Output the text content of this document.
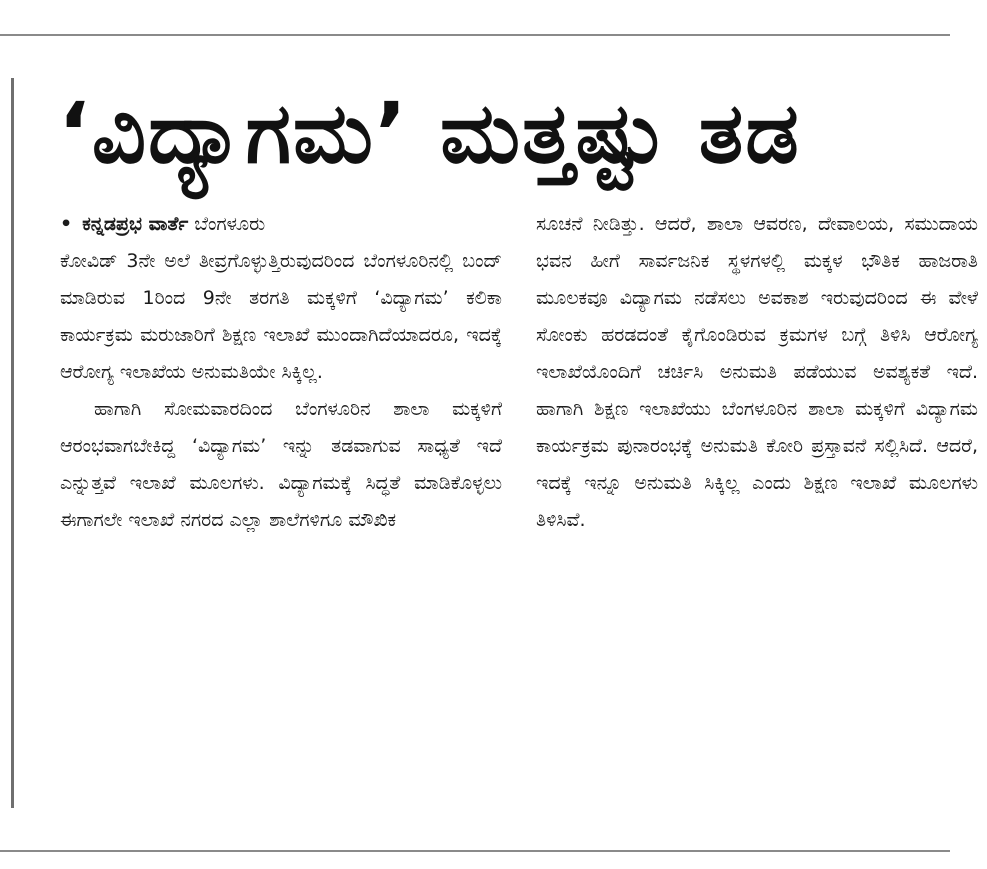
‘ವಿದ್ಯಾಗಮ’ ಮತ್ತಷ್ಟು ತಡ

• ಕನ್ನಡಪ್ರಭ ವಾರ್ತೆ ಬೆಂಗಳೂರು

ಕೋವಿಡ್ 3ನೇ ಅಲೆ ತೀವ್ರಗೊಳ್ಳುತ್ತಿರುವುದರಿಂದ ಬೆಂಗಳೂರಿನಲ್ಲಿ ಬಂದ್ ಮಾಡಿರುವ 1ರಿಂದ 9ನೇ ತರಗತಿ ಮಕ್ಕಳಿಗೆ ‘ವಿದ್ಯಾಗಮ’ ಕಲಿಕಾ ಕಾರ್ಯಕ್ರಮ ಮರುಜಾರಿಗೆ ಶಿಕ್ಷಣ ಇಲಾಖೆ ಮುಂದಾಗಿದೆಯಾದರೂ, ಇದಕ್ಕೆ ಆರೋಗ್ಯ ಇಲಾಖೆಯ ಅನುಮತಿಯೇ ಸಿಕ್ಕಿಲ್ಲ.

ಹಾಗಾಗಿ ಸೋಮವಾರದಿಂದ ಬೆಂಗಳೂರಿನ ಶಾಲಾ ಮಕ್ಕಳಿಗೆ ಆರಂಭವಾಗಬೇಕಿದ್ದ ‘ವಿದ್ಯಾಗಮ’ ಇನ್ನು ತಡವಾಗುವ ಸಾಧ್ಯತೆ ಇದೆ ಎನ್ನುತ್ತವೆ ಇಲಾಖೆ ಮೂಲಗಳು. ವಿದ್ಯಾಗಮಕ್ಕೆ ಸಿದ್ಧತೆ ಮಾಡಿಕೊಳ್ಳಲು ಈಗಾಗಲೇ ಇಲಾಖೆ ನಗರದ ಎಲ್ಲಾ ಶಾಲೆಗಳಿಗೂ ಮೌಖಿಕ

ಸೂಚನೆ ನೀಡಿತ್ತು. ಆದರೆ, ಶಾಲಾ ಆವರಣ, ದೇವಾಲಯ, ಸಮುದಾಯ ಭವನ ಹೀಗೆ ಸಾರ್ವಜನಿಕ ಸ್ಥಳಗಳಲ್ಲಿ ಮಕ್ಕಳ ಭೌತಿಕ ಹಾಜರಾತಿ ಮೂಲಕವೂ ವಿದ್ಯಾಗಮ ನಡೆಸಲು ಅವಕಾಶ ಇರುವುದರಿಂದ ಈ ವೇಳೆ ಸೋಂಕು ಹರಡದಂತೆ ಕೈಗೊಂಡಿರುವ ಕ್ರಮಗಳ ಬಗ್ಗೆ ತಿಳಿಸಿ ಆರೋಗ್ಯ ಇಲಾಖೆಯೊಂದಿಗೆ ಚರ್ಚಿಸಿ ಅನುಮತಿ ಪಡೆಯುವ ಅವಶ್ಯಕತೆ ಇದೆ. ಹಾಗಾಗಿ ಶಿಕ್ಷಣ ಇಲಾಖೆಯು ಬೆಂಗಳೂರಿನ ಶಾಲಾ ಮಕ್ಕಳಿಗೆ ವಿದ್ಯಾಗಮ ಕಾರ್ಯಕ್ರಮ ಪುನಾರಂಭಕ್ಕೆ ಅನುಮತಿ ಕೋರಿ ಪ್ರಸ್ತಾವನೆ ಸಲ್ಲಿಸಿದೆ. ಆದರೆ, ಇದಕ್ಕೆ ಇನ್ನೂ ಅನುಮತಿ ಸಿಕ್ಕಿಲ್ಲ ಎಂದು ಶಿಕ್ಷಣ ಇಲಾಖೆ ಮೂಲಗಳು ತಿಳಿಸಿವೆ.
